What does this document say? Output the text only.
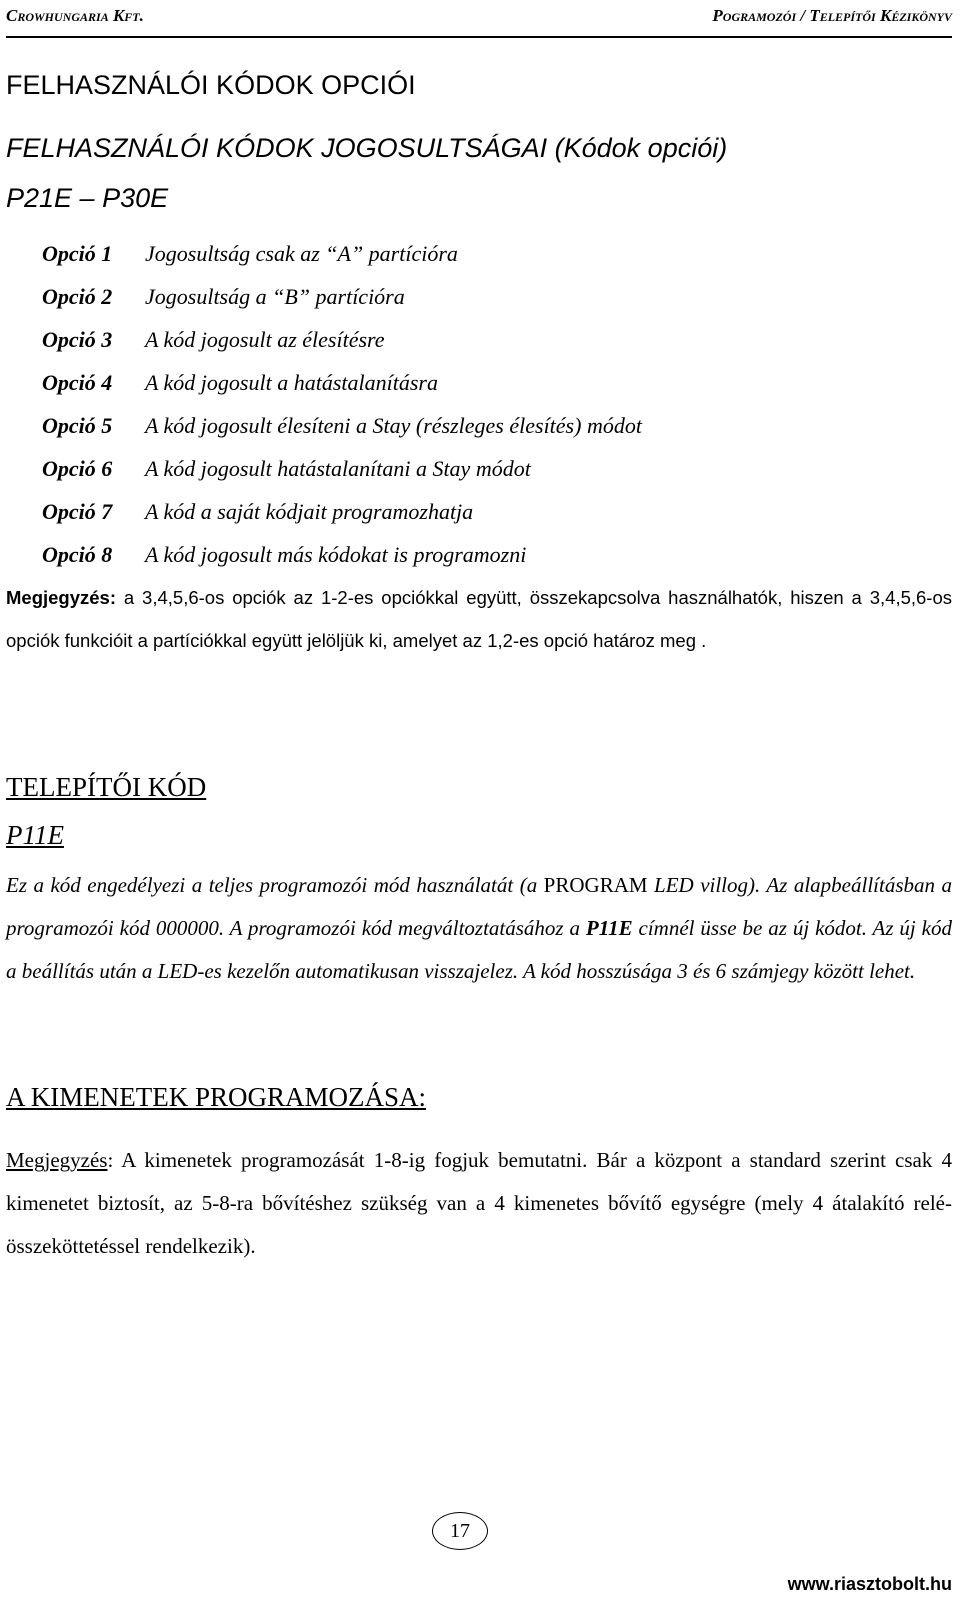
Crowhungaria Kft.	Pogramozói / Telepítői Kézikönyv
FELHASZNÁLÓI KÓDOK OPCIÓI
FELHASZNÁLÓI KÓDOK JOGOSULTSÁGAI (Kódok opciói)
P21E – P30E
Opció 1	Jogosultság csak az “A” partícióra
Opció 2	Jogosultság a “B” partícióra
Opció 3	A kód jogosult az élesítésre
Opció 4	A kód jogosult a hatástalanításra
Opció 5	A kód jogosult élesíteni a Stay (részleges élesítés) módot
Opció 6	A kód jogosult hatástalanítani a Stay módot
Opció 7	A kód a saját kódjait programozhatja
Opció 8	A kód jogosult más kódokat is programozni
Megjegyzés: a 3,4,5,6-os opciók az 1-2-es opciókkal együtt, összekapcsolva használhatók, hiszen a 3,4,5,6-os opciók funkcióit a partíciókkal együtt jelöljük ki, amelyet az 1,2-es opció határoz meg .
TELEPÍTŐI KÓD
P11E
Ez a kód engedélyezi a teljes programozói mód használatát (a PROGRAM LED villog). Az alapbeállításban a programozói kód 000000. A programozói kód megváltoztatásához a P11E címnél üsse be az új kódot. Az új kód a beállítás után a LED-es kezelőn automatikusan visszajelez. A kód hosszúsága 3 és 6 számjegy között lehet.
A KIMENETEK PROGRAMOZÁSA:
Megjegyzés: A kimenetek programozását 1-8-ig fogjuk bemutatni. Bár a központ a standard szerint csak 4 kimenetet biztosít, az 5-8-ra bővítéshez szükség van a 4 kimenetes bővítő egységre (mely 4 átalakító relé-összeköttetéssel rendelkezik).
17
www.riasztobolt.hu
